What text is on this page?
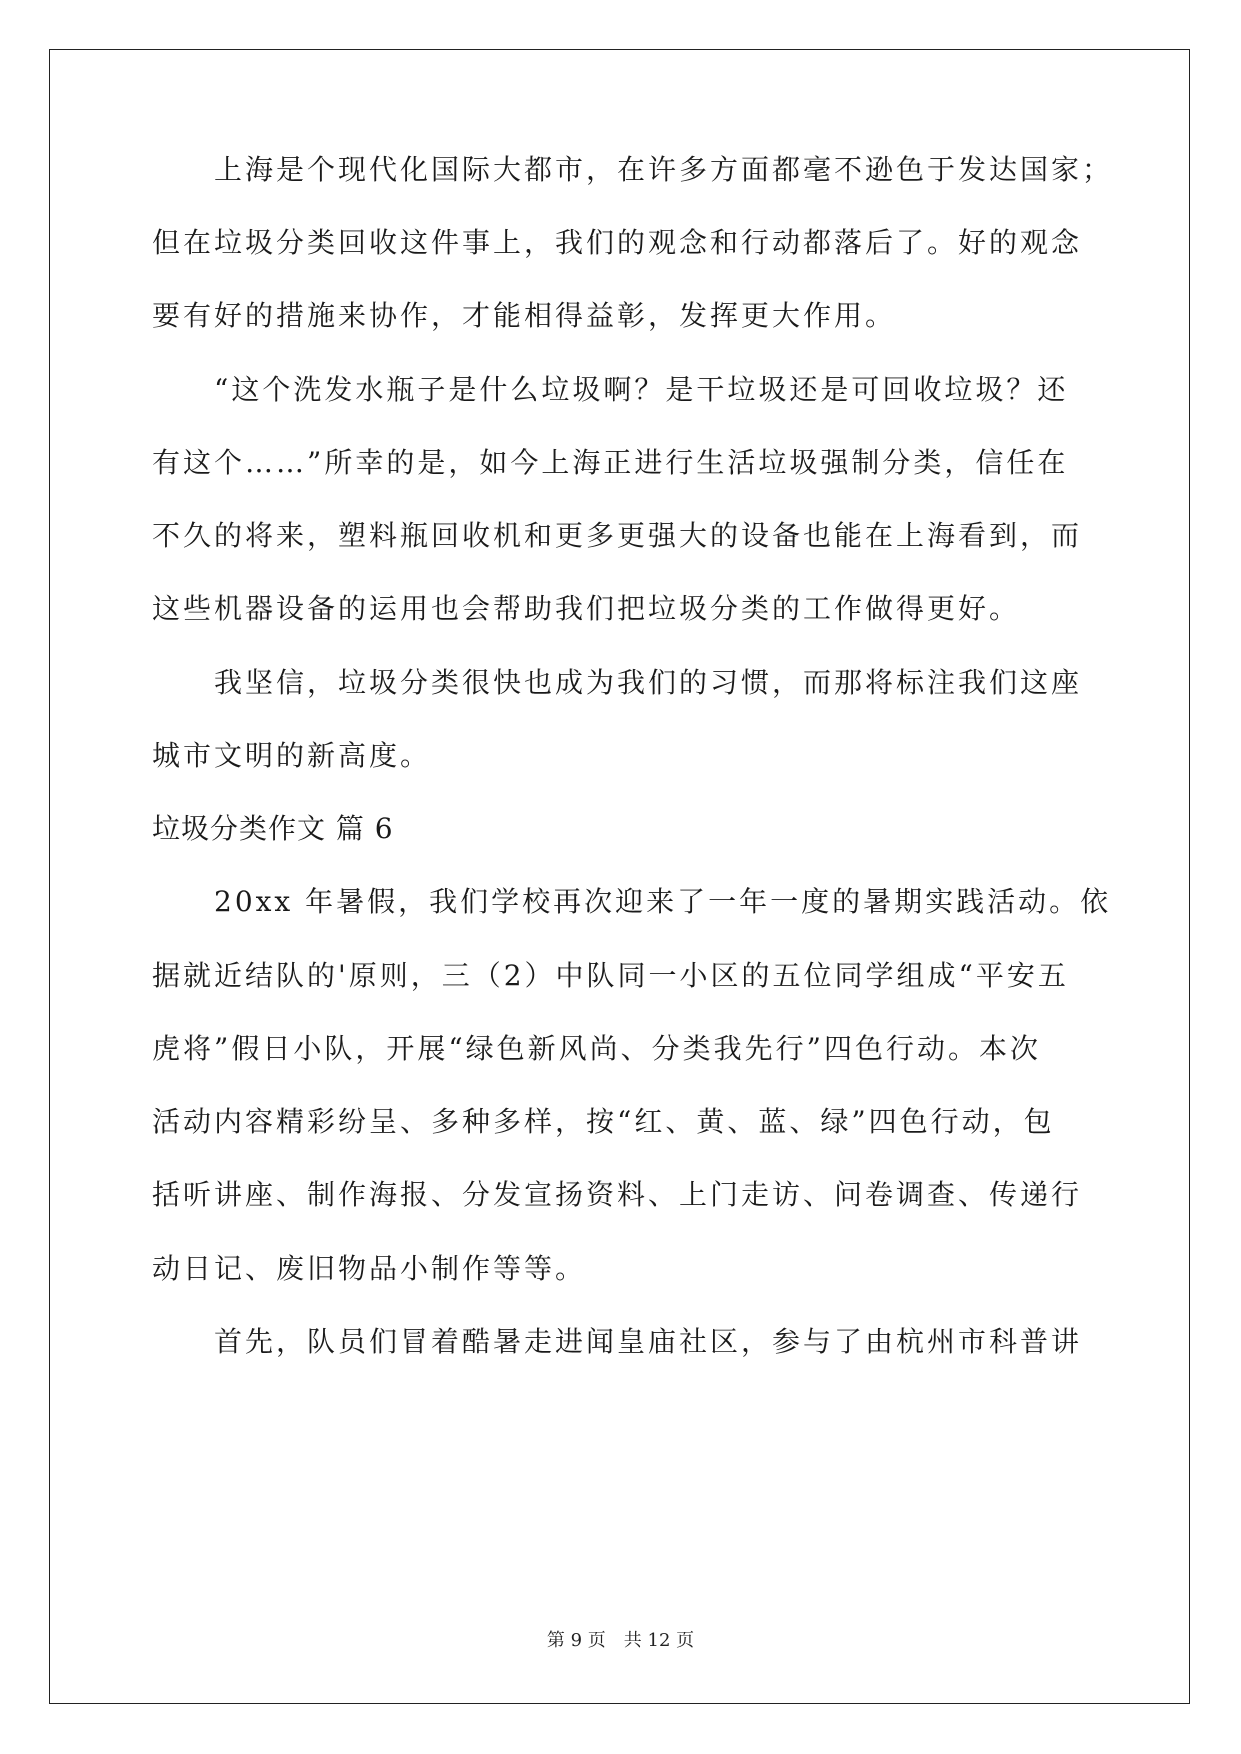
上海是个现代化国际大都市，在许多方面都毫不逊色于发达国家；
但在垃圾分类回收这件事上，我们的观念和行动都落后了。好的观念
要有好的措施来协作，才能相得益彰，发挥更大作用。
“这个洗发水瓶子是什么垃圾啊？是干垃圾还是可回收垃圾？还
有这个……”所幸的是，如今上海正进行生活垃圾强制分类，信任在
不久的将来，塑料瓶回收机和更多更强大的设备也能在上海看到，而
这些机器设备的运用也会帮助我们把垃圾分类的工作做得更好。
我坚信，垃圾分类很快也成为我们的习惯，而那将标注我们这座
城市文明的新高度。
垃圾分类作文 篇 6
20xx 年暑假，我们学校再次迎来了一年一度的暑期实践活动。依
据就近结队的'原则，三（2）中队同一小区的五位同学组成“平安五
虎将”假日小队，开展“绿色新风尚、分类我先行”四色行动。本次
活动内容精彩纷呈、多种多样，按“红、黄、蓝、绿”四色行动，包
括听讲座、制作海报、分发宣扬资料、上门走访、问卷调查、传递行
动日记、废旧物品小制作等等。
首先，队员们冒着酷暑走进闻皇庙社区，参与了由杭州市科普讲
第 9 页　共 12 页
